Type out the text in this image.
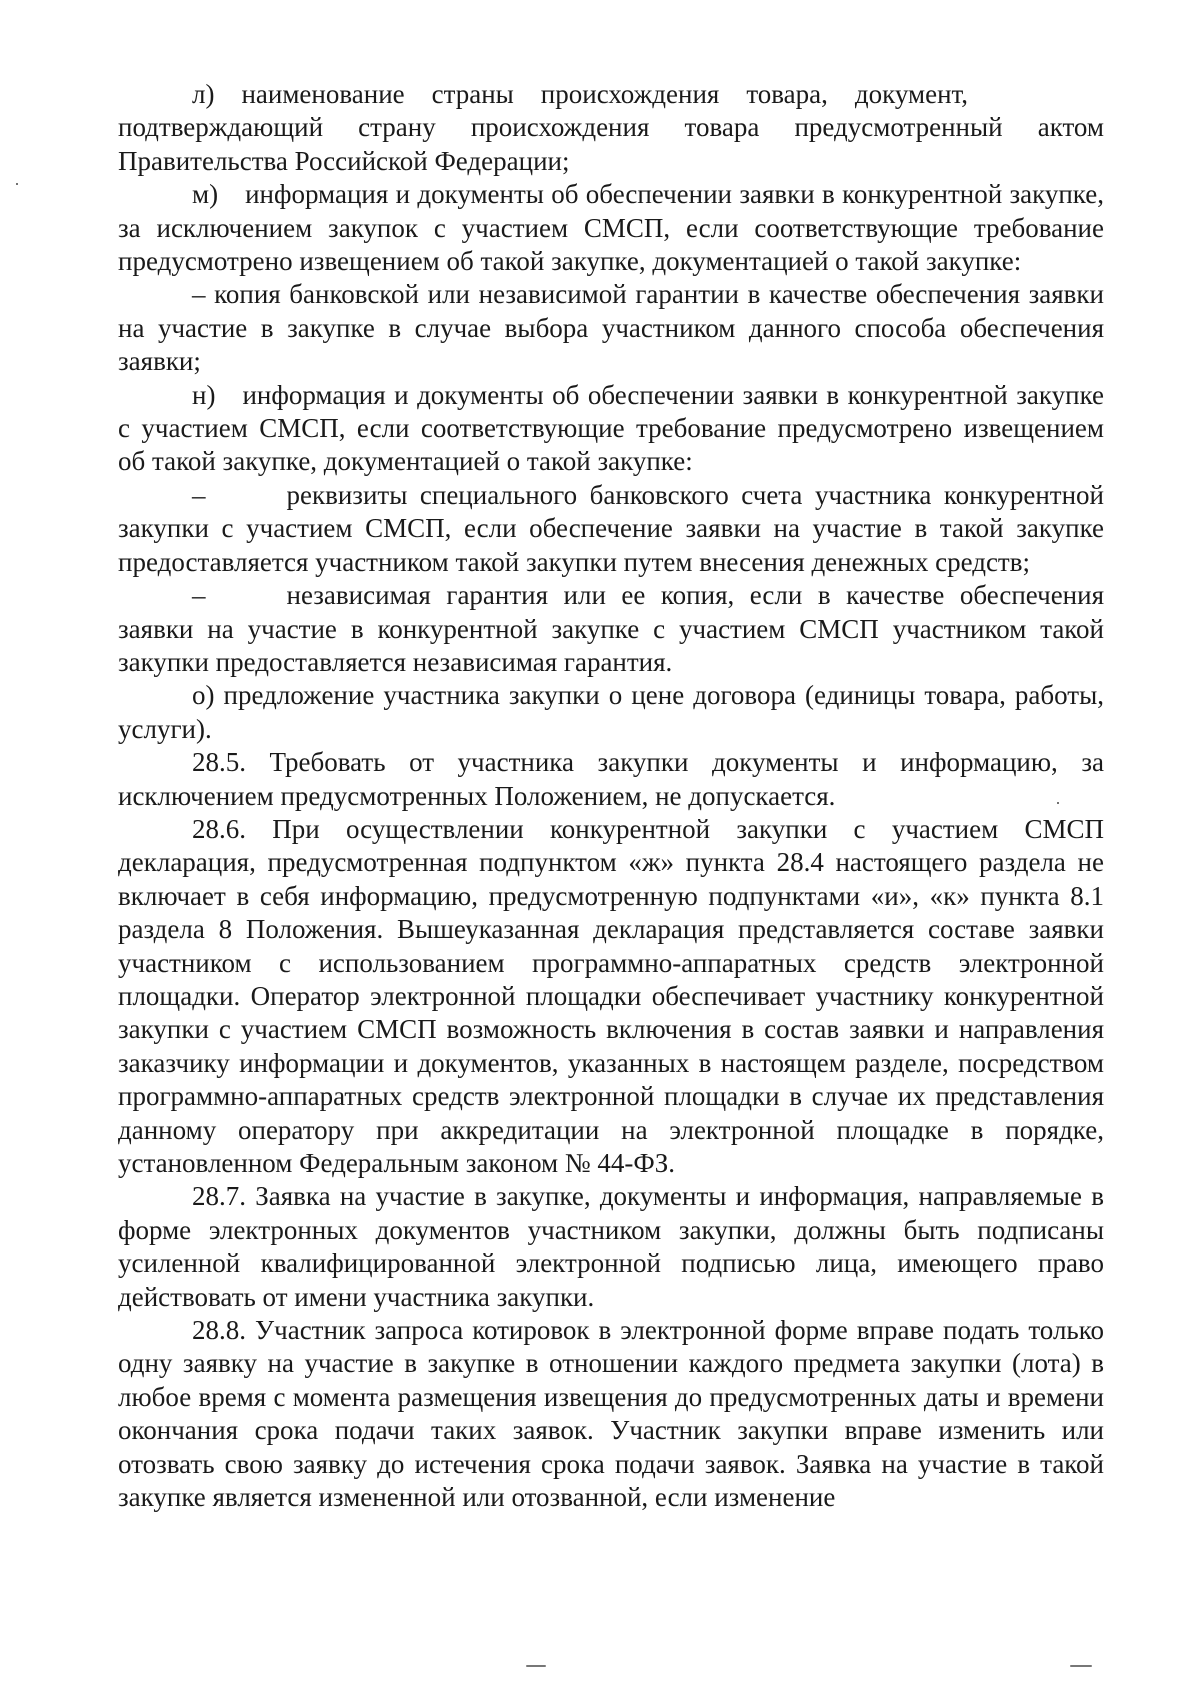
л) наименование страны происхождения товара, документ, подтверждающий страну происхождения товара предусмотренный актом Правительства Российской Федерации;

м) информация и документы об обеспечении заявки в конкурентной закупке, за исключением закупок с участием СМСП, если соответствующие требование предусмотрено извещением об такой закупке, документацией о такой закупке:

– копия банковской или независимой гарантии в качестве обеспечения заявки на участие в закупке в случае выбора участником данного способа обеспечения заявки;

н) информация и документы об обеспечении заявки в конкурентной закупке с участием СМСП, если соответствующие требование предусмотрено извещением об такой закупке, документацией о такой закупке:

–   реквизиты специального банковского счета участника конкурентной закупки с участием СМСП, если обеспечение заявки на участие в такой закупке предоставляется участником такой закупки путем внесения денежных средств;

–   независимая гарантия или ее копия, если в качестве обеспечения заявки на участие в конкурентной закупке с участием СМСП участником такой закупки предоставляется независимая гарантия.

о) предложение участника закупки о цене договора (единицы товара, работы, услуги).

28.5. Требовать от участника закупки документы и информацию, за исключением предусмотренных Положением, не допускается.

28.6. При осуществлении конкурентной закупки с участием СМСП декларация, предусмотренная подпунктом «ж» пункта 28.4 настоящего раздела не включает в себя информацию, предусмотренную подпунктами «и», «к» пункта 8.1 раздела 8 Положения. Вышеуказанная декларация представляется составе заявки участником с использованием программно-аппаратных средств электронной площадки. Оператор электронной площадки обеспечивает участнику конкурентной закупки с участием СМСП возможность включения в состав заявки и направления заказчику информации и документов, указанных в настоящем разделе, посредством программно-аппаратных средств электронной площадки в случае их представления данному оператору при аккредитации на электронной площадке в порядке, установленном Федеральным законом № 44-ФЗ.

28.7. Заявка на участие в закупке, документы и информация, направляемые в форме электронных документов участником закупки, должны быть подписаны усиленной квалифицированной электронной подписью лица, имеющего право действовать от имени участника закупки.

28.8. Участник запроса котировок в электронной форме вправе подать только одну заявку на участие в закупке в отношении каждого предмета закупки (лота) в любое время с момента размещения извещения до предусмотренных даты и времени окончания срока подачи таких заявок. Участник закупки вправе изменить или отозвать свою заявку до истечения срока подачи заявок. Заявка на участие в такой закупке является измененной или отозванной, если изменение
